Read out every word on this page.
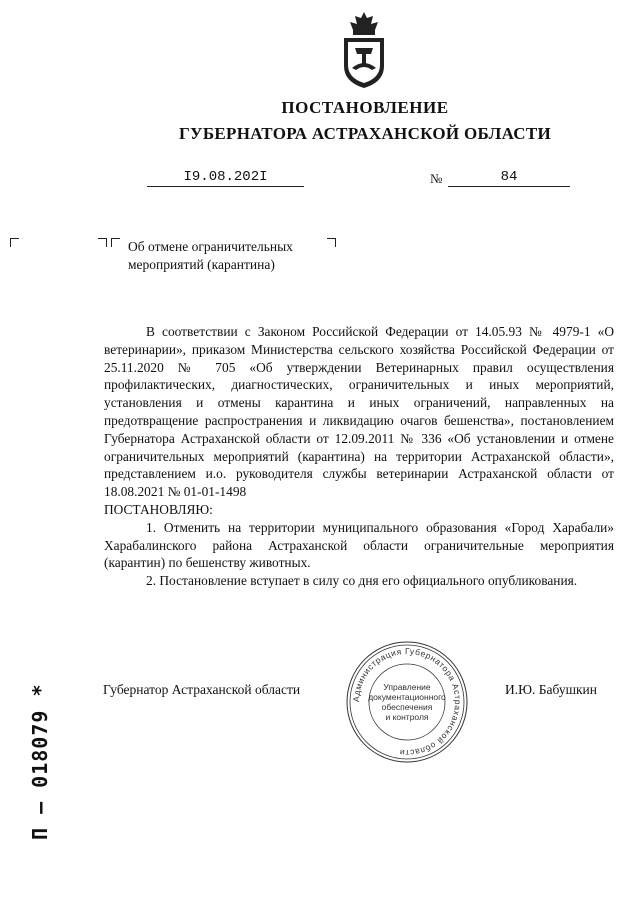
ПОСТАНОВЛЕНИЕ
ГУБЕРНАТОРА АСТРАХАНСКОЙ ОБЛАСТИ
I9.08.202I	№	84
Об отмене ограничительных
мероприятий (карантина)

В соответствии с Законом Российской Федерации от 14.05.93 № 4979-1 «О ветеринарии», приказом Министерства сельского хозяйства Российской Федерации от 25.11.2020 № 705 «Об утверждении Ветеринарных правил осуществления профилактических, диагностических, ограничительных и иных мероприятий, установления и отмены карантина и иных ограничений, направленных на предотвращение распространения и ликвидацию очагов бешенства», постановлением Губернатора Астраханской области от 12.09.2011 № 336 «Об установлении и отмене ограничительных мероприятий (карантина) на территории Астраханской области», представлением и.о. руководителя службы ветеринарии Астраханской области от 18.08.2021 № 01-01-1498

ПОСТАНОВЛЯЮ:

1. Отменить на территории муниципального образования «Город Харабали» Харабалинского района Астраханской области ограничительные мероприятия (карантин) по бешенству животных.

2. Постановление вступает в силу со дня его официального опубликования.

Губернатор Астраханской области	И.Ю. Бабушкин
Администрация Губернатора Астраханской области
Управление
документационного
обеспечения
и контроля
П – 018079 *
